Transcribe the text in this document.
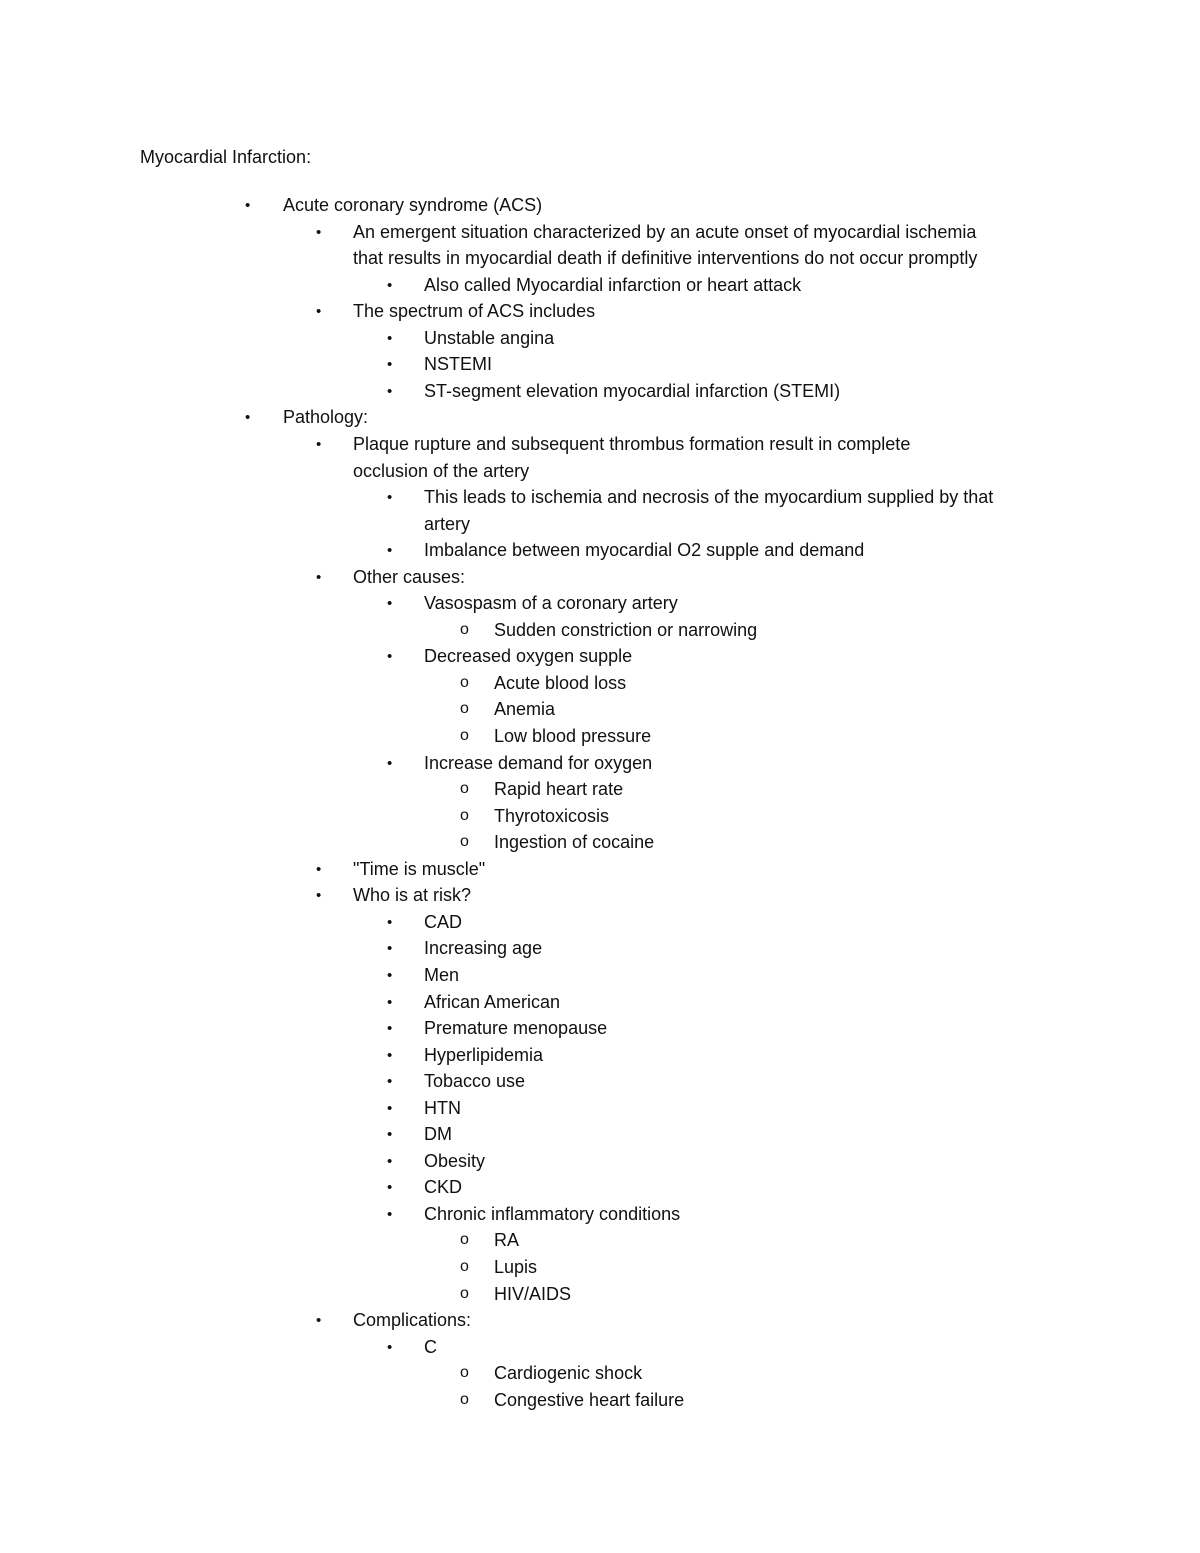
Myocardial Infarction:
• Acute coronary syndrome (ACS)
• An emergent situation characterized by an acute onset of myocardial ischemia
that results in myocardial death if definitive interventions do not occur promptly
• Also called Myocardial infarction or heart attack
• The spectrum of ACS includes
• Unstable angina
• NSTEMI
• ST-segment elevation myocardial infarction (STEMI)
• Pathology:
• Plaque rupture and subsequent thrombus formation result in complete
occlusion of the artery
• This leads to ischemia and necrosis of the myocardium supplied by that
artery
• Imbalance between myocardial O2 supple and demand
• Other causes:
• Vasospasm of a coronary artery
o Sudden constriction or narrowing
• Decreased oxygen supple
o Acute blood loss
o Anemia
o Low blood pressure
• Increase demand for oxygen
o Rapid heart rate
o Thyrotoxicosis
o Ingestion of cocaine
• "Time is muscle"
• Who is at risk?
• CAD
• Increasing age
• Men
• African American
• Premature menopause
• Hyperlipidemia
• Tobacco use
• HTN
• DM
• Obesity
• CKD
• Chronic inflammatory conditions
o RA
o Lupis
o HIV/AIDS
• Complications:
• C
o Cardiogenic shock
o Congestive heart failure
